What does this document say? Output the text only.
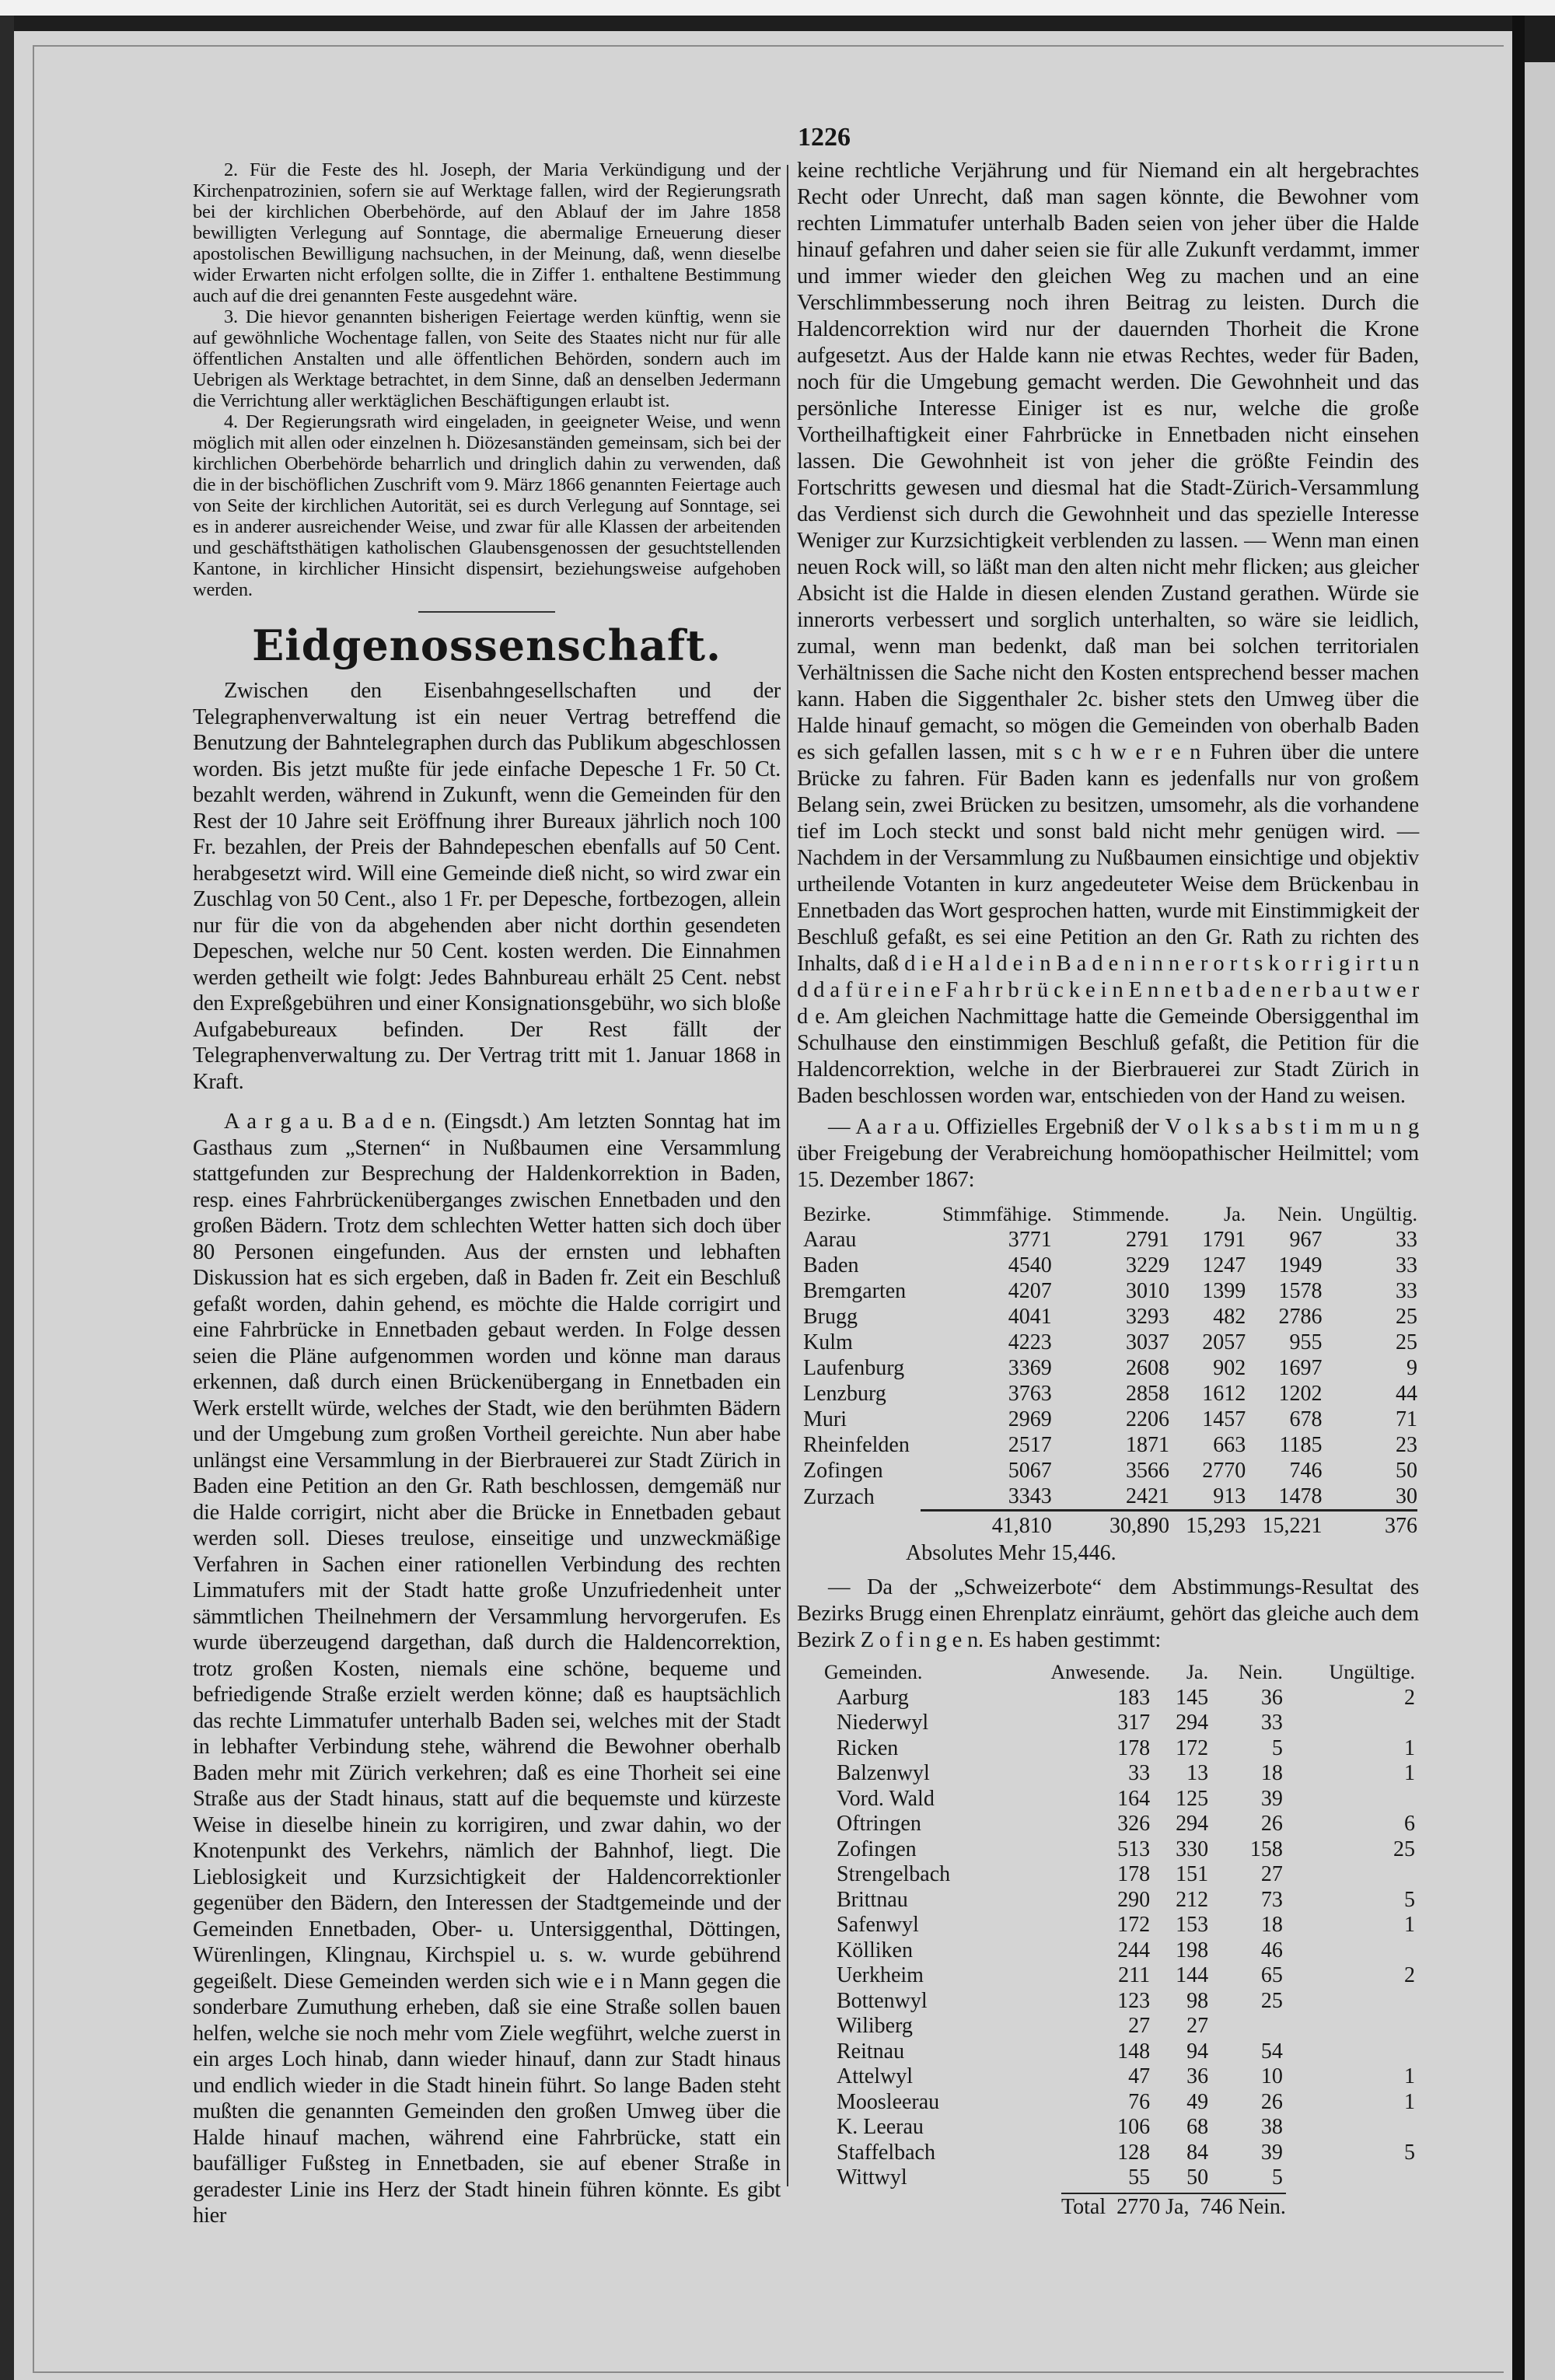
1226

2. Für die Feste des hl. Joseph, der Maria Verkündigung und der Kirchenpatrozinien, sofern sie auf Werktage fallen, wird der Regierungsrath bei der kirchlichen Oberbehörde, auf den Ablauf der im Jahre 1858 bewilligten Verlegung auf Sonntage, die abermalige Erneuerung dieser apostolischen Bewilligung nachsuchen, in der Meinung, daß, wenn dieselbe wider Erwarten nicht erfolgen sollte, die in Ziffer 1. enthaltene Bestimmung auch auf die drei genannten Feste ausgedehnt wäre.

3. Die hievor genannten bisherigen Feiertage werden künftig, wenn sie auf gewöhnliche Wochentage fallen, von Seite des Staates nicht nur für alle öffentlichen Anstalten und alle öffentlichen Behörden, sondern auch im Uebrigen als Werktage betrachtet, in dem Sinne, daß an denselben Jedermann die Verrichtung aller werktäglichen Beschäftigungen erlaubt ist.

4. Der Regierungsrath wird eingeladen, in geeigneter Weise, und wenn möglich mit allen oder einzelnen h. Diözesanständen gemeinsam, sich bei der kirchlichen Oberbehörde beharrlich und dringlich dahin zu verwenden, daß die in der bischöflichen Zuschrift vom 9. März 1866 genannten Feiertage auch von Seite der kirchlichen Autorität, sei es durch Verlegung auf Sonntage, sei es in anderer ausreichender Weise, und zwar für alle Klassen der arbeitenden und geschäftsthätigen katholischen Glaubensgenossen der gesuchtstellenden Kantone, in kirchlicher Hinsicht dispensirt, beziehungsweise aufgehoben werden.

Eidgenossenschaft.

Zwischen den Eisenbahngesellschaften und der Telegraphenverwaltung ist ein neuer Vertrag betreffend die Benutzung der Bahntelegraphen durch das Publikum abgeschlossen worden. Bis jetzt mußte für jede einfache Depesche 1 Fr. 50 Ct. bezahlt werden, während in Zukunft, wenn die Gemeinden für den Rest der 10 Jahre seit Eröffnung ihrer Bureaux jährlich noch 100 Fr. bezahlen, der Preis der Bahndepeschen ebenfalls auf 50 Cent. herabgesetzt wird. Will eine Gemeinde dieß nicht, so wird zwar ein Zuschlag von 50 Cent., also 1 Fr. per Depesche, fortbezogen, allein nur für die von da abgehenden aber nicht dorthin gesendeten Depeschen, welche nur 50 Cent. kosten werden. Die Einnahmen werden getheilt wie folgt: Jedes Bahnbureau erhält 25 Cent. nebst den Expreßgebühren und einer Konsignationsgebühr, wo sich bloße Aufgabebureaux befinden. Der Rest fällt der Telegraphenverwaltung zu. Der Vertrag tritt mit 1. Januar 1868 in Kraft.

A a r g a u. B a d e n. (Eingsdt.) Am letzten Sonntag hat im Gasthaus zum „Sternen“ in Nußbaumen eine Versammlung stattgefunden zur Besprechung der Haldenkorrektion in Baden, resp. eines Fahrbrückenüberganges zwischen Ennetbaden und den großen Bädern. Trotz dem schlechten Wetter hatten sich doch über 80 Personen eingefunden. Aus der ernsten und lebhaften Diskussion hat es sich ergeben, daß in Baden fr. Zeit ein Beschluß gefaßt worden, dahin gehend, es möchte die Halde corrigirt und eine Fahrbrücke in Ennetbaden gebaut werden. In Folge dessen seien die Pläne aufgenommen worden und könne man daraus erkennen, daß durch einen Brückenübergang in Ennetbaden ein Werk erstellt würde, welches der Stadt, wie den berühmten Bädern und der Umgebung zum großen Vortheil gereichte. Nun aber habe unlängst eine Versammlung in der Bierbrauerei zur Stadt Zürich in Baden eine Petition an den Gr. Rath beschlossen, demgemäß nur die Halde corrigirt, nicht aber die Brücke in Ennetbaden gebaut werden soll. Dieses treulose, einseitige und unzweckmäßige Verfahren in Sachen einer rationellen Verbindung des rechten Limmatufers mit der Stadt hatte große Unzufriedenheit unter sämmtlichen Theilnehmern der Versammlung hervorgerufen. Es wurde überzeugend dargethan, daß durch die Haldencorrektion, trotz großen Kosten, niemals eine schöne, bequeme und befriedigende Straße erzielt werden könne; daß es hauptsächlich das rechte Limmatufer unterhalb Baden sei, welches mit der Stadt in lebhafter Verbindung stehe, während die Bewohner oberhalb Baden mehr mit Zürich verkehren; daß es eine Thorheit sei eine Straße aus der Stadt hinaus, statt auf die bequemste und kürzeste Weise in dieselbe hinein zu korrigiren, und zwar dahin, wo der Knotenpunkt des Verkehrs, nämlich der Bahnhof, liegt. Die Lieblosigkeit und Kurzsichtigkeit der Haldencorrektionler gegenüber den Bädern, den Interessen der Stadtgemeinde und der Gemeinden Ennetbaden, Ober- u. Untersiggenthal, Döttingen, Würenlingen, Klingnau, Kirchspiel u. s. w. wurde gebührend gegeißelt. Diese Gemeinden werden sich wie e i n Mann gegen die sonderbare Zumuthung erheben, daß sie eine Straße sollen bauen helfen, welche sie noch mehr vom Ziele wegführt, welche zuerst in ein arges Loch hinab, dann wieder hinauf, dann zur Stadt hinaus und endlich wieder in die Stadt hinein führt. So lange Baden steht mußten die genannten Gemeinden den großen Umweg über die Halde hinauf machen, während eine Fahrbrücke, statt ein baufälliger Fußsteg in Ennetbaden, sie auf ebener Straße in geradester Linie ins Herz der Stadt hinein führen könnte. Es gibt hier

keine rechtliche Verjährung und für Niemand ein alt hergebrachtes Recht oder Unrecht, daß man sagen könnte, die Bewohner vom rechten Limmatufer unterhalb Baden seien von jeher über die Halde hinauf gefahren und daher seien sie für alle Zukunft verdammt, immer und immer wieder den gleichen Weg zu machen und an eine Verschlimmbesserung noch ihren Beitrag zu leisten. Durch die Haldencorrektion wird nur der dauernden Thorheit die Krone aufgesetzt. Aus der Halde kann nie etwas Rechtes, weder für Baden, noch für die Umgebung gemacht werden. Die Gewohnheit und das persönliche Interesse Einiger ist es nur, welche die große Vortheilhaftigkeit einer Fahrbrücke in Ennetbaden nicht einsehen lassen. Die Gewohnheit ist von jeher die größte Feindin des Fortschritts gewesen und diesmal hat die Stadt-Zürich-Versammlung das Verdienst sich durch die Gewohnheit und das spezielle Interesse Weniger zur Kurzsichtigkeit verblenden zu lassen. — Wenn man einen neuen Rock will, so läßt man den alten nicht mehr flicken; aus gleicher Absicht ist die Halde in diesen elenden Zustand gerathen. Würde sie innerorts verbessert und sorglich unterhalten, so wäre sie leidlich, zumal, wenn man bedenkt, daß man bei solchen territorialen Verhältnissen die Sache nicht den Kosten entsprechend besser machen kann. Haben die Siggenthaler 2c. bisher stets den Umweg über die Halde hinauf gemacht, so mögen die Gemeinden von oberhalb Baden es sich gefallen lassen, mit s c h w e r e n Fuhren über die untere Brücke zu fahren. Für Baden kann es jedenfalls nur von großem Belang sein, zwei Brücken zu besitzen, umsomehr, als die vorhandene tief im Loch steckt und sonst bald nicht mehr genügen wird. — Nachdem in der Versammlung zu Nußbaumen einsichtige und objektiv urtheilende Votanten in kurz angedeuteter Weise dem Brückenbau in Ennetbaden das Wort gesprochen hatten, wurde mit Einstimmigkeit der Beschluß gefaßt, es sei eine Petition an den Gr. Rath zu richten des Inhalts, daß d i e H a l d e i n B a d e n i n n e r o r t s k o r r i g i r t u n d d a f ü r e i n e F a h r b r ü c k e i n E n n e t b a d e n e r b a u t w e r d e. Am gleichen Nachmittage hatte die Gemeinde Obersiggenthal im Schulhause den einstimmigen Beschluß gefaßt, die Petition für die Haldencorrektion, welche in der Bierbrauerei zur Stadt Zürich in Baden beschlossen worden war, entschieden von der Hand zu weisen.

— A a r a u. Offizielles Ergebniß der V o l k s a b s t i m m u n g über Freigebung der Verabreichung homöopathischer Heilmittel; vom 15. Dezember 1867:

Bezirke.	Stimmfähige.	Stimmende.	Ja.	Nein.	Ungültig.
Aarau	3771	2791	1791	967	33
Baden	4540	3229	1247	1949	33
Bremgarten	4207	3010	1399	1578	33
Brugg	4041	3293	482	2786	25
Kulm	4223	3037	2057	955	25
Laufenburg	3369	2608	902	1697	9
Lenzburg	3763	2858	1612	1202	44
Muri	2969	2206	1457	678	71
Rheinfelden	2517	1871	663	1185	23
Zofingen	5067	3566	2770	746	50
Zurzach	3343	2421	913	1478	30
	41,810	30,890	15,293	15,221	376
Absolutes Mehr 15,446.

— Da der „Schweizerbote“ dem Abstimmungs-Resultat des Bezirks Brugg einen Ehrenplatz einräumt, gehört das gleiche auch dem Bezirk Z o f i n g e n. Es haben gestimmt:

Gemeinden.	Anwesende.	Ja.	Nein.	Ungültige.
Aarburg	183	145	36	2
Niederwyl	317	294	33	
Ricken	178	172	5	1
Balzenwyl	33	13	18	1
Vord. Wald	164	125	39	
Oftringen	326	294	26	6
Zofingen	513	330	158	25
Strengelbach	178	151	27	
Brittnau	290	212	73	5
Safenwyl	172	153	18	1
Kölliken	244	198	46	
Uerkheim	211	144	65	2
Bottenwyl	123	98	25	
Wiliberg	27	27		
Reitnau	148	94	54	
Attelwyl	47	36	10	1
Moosleerau	76	49	26	1
K. Leerau	106	68	38	
Staffelbach	128	84	39	5
Wittwyl	55	50	5	
Total 2770 Ja, 746 Nein.
